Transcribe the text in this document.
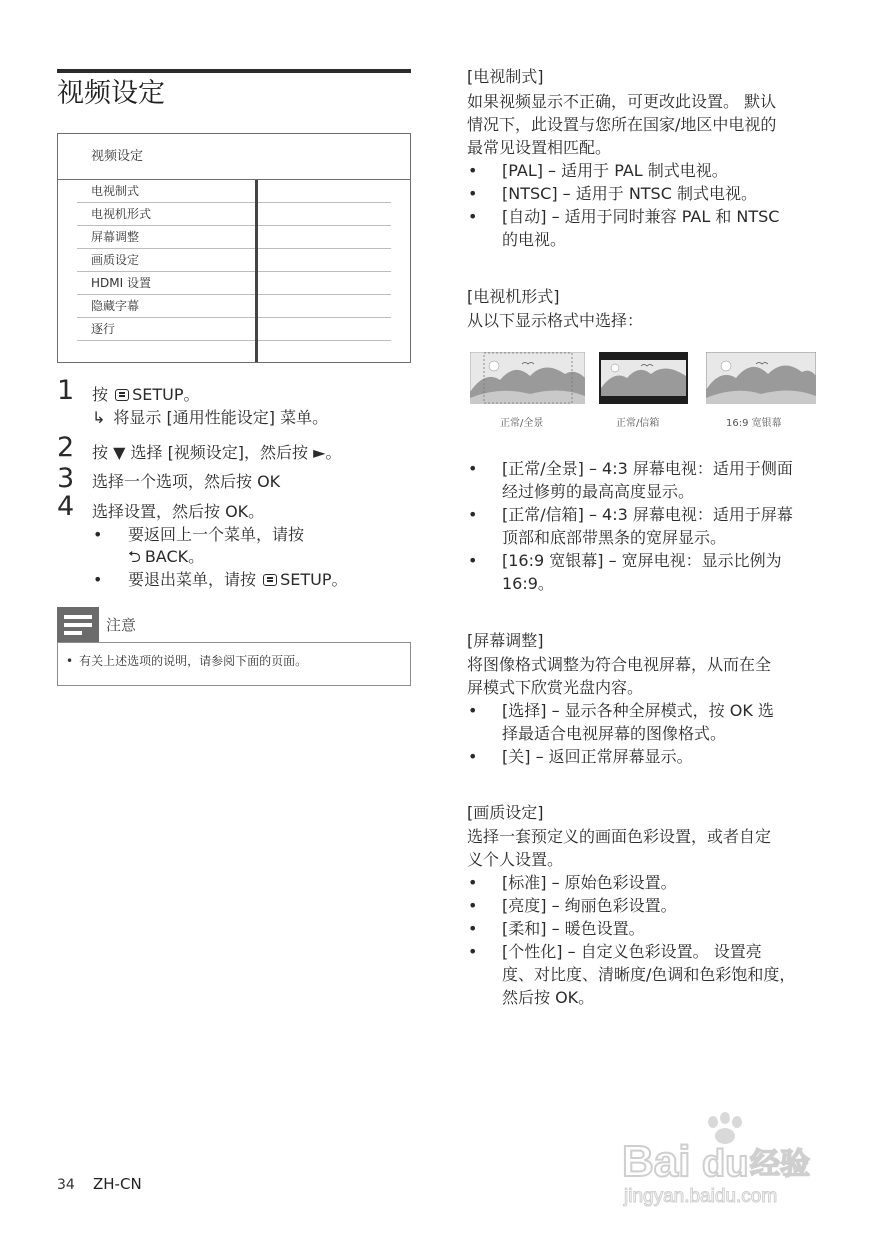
视频设定
视频设定
电视制式
电视机形式
屏幕调整
画质设定
HDMI 设置
隐藏字幕
逐行
1 按 SETUP。
↳ 将显示 [通用性能设定] 菜单。
2 按 ▼ 选择 [视频设定]，然后按 ►。
3 选择一个选项，然后按 OK
4 选择设置，然后按 OK。
• 要返回上一个菜单，请按
⮌ BACK。
• 要退出菜单，请按 SETUP。
注意
• 有关上述选项的说明，请参阅下面的页面。
34 ZH-CN
[电视制式]
如果视频显示不正确，可更改此设置。 默认
情况下，此设置与您所在国家/地区中电视的
最常见设置相匹配。
• [PAL] – 适用于 PAL 制式电视。
• [NTSC] – 适用于 NTSC 制式电视。
• [自动] – 适用于同时兼容 PAL 和 NTSC
的电视。
[电视机形式]
从以下显示格式中选择：
正常/全景	正常/信箱	16:9 宽银幕
• [正常/全景] – 4:3 屏幕电视：适用于侧面
经过修剪的最高高度显示。
• [正常/信箱] – 4:3 屏幕电视：适用于屏幕
顶部和底部带黑条的宽屏显示。
• [16:9 宽银幕] – 宽屏电视：显示比例为
16:9。
[屏幕调整]
将图像格式调整为符合电视屏幕，从而在全
屏模式下欣赏光盘内容。
• [选择] – 显示各种全屏模式，按 OK 选
择最适合电视屏幕的图像格式。
• [关] – 返回正常屏幕显示。
[画质设定]
选择一套预定义的画面色彩设置，或者自定
义个人设置。
• [标准] – 原始色彩设置。
• [亮度] – 绚丽色彩设置。
• [柔和] – 暖色设置。
• [个性化] – 自定义色彩设置。 设置亮
度、对比度、清晰度/色调和色彩饱和度，
然后按 OK。
Bai du 经验
jingyan.baidu.com
